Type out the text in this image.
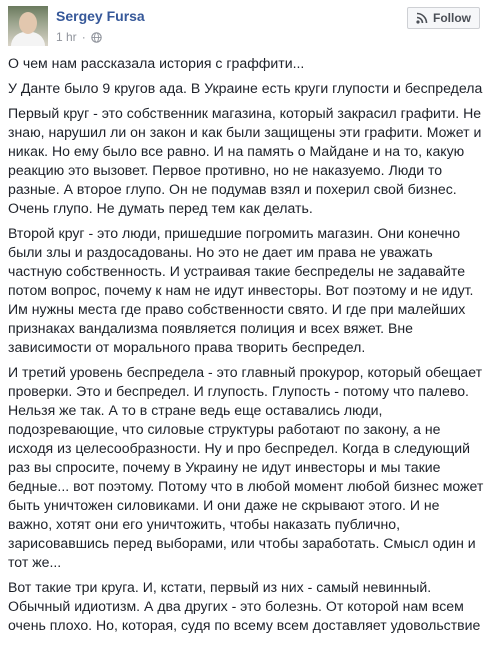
Sergey Fursa
1 hr ·
Follow

О чем нам рассказала история с граффити...

У Данте было 9 кругов ада. В Украине есть круги глупости и беспредела

Первый круг - это собственник магазина, который закрасил графити. Не знаю, нарушил ли он закон и как были защищены эти графити. Может и никак. Но ему было все равно. И на память о Майдане и на то, какую реакцию это вызовет. Первое противно, но не наказуемо. Люди то разные. А второе глупо. Он не подумав взял и похерил свой бизнес. Очень глупо. Не думать перед тем как делать.

Второй круг - это люди, пришедшие погромить магазин. Они конечно были злы и раздосадованы. Но это не дает им права не уважать частную собственность. И устраивая такие беспределы не задавайте потом вопрос, почему к нам не идут инвесторы. Вот поэтому и не идут. Им нужны места где право собственности свято. И где при малейших признаках вандализма появляется полиция и всех вяжет. Вне зависимости от морального права творить беспредел.

И третий уровень беспредела - это главный прокурор, который обещает проверки. Это и беспредел. И глупость. Глупость - потому что палево. Нельзя же так. А то в стране ведь еще оставались люди, подозревающие, что силовые структуры работают по закону, а не исходя из целесообразности. Ну и про беспредел. Когда в следующий раз вы спросите, почему в Украину не идут инвесторы и мы такие бедные... вот поэтому. Потому что в любой момент любой бизнес может быть уничтожен силовиками. И они даже не скрывают этого. И не важно, хотят они его уничтожить, чтобы наказать публично, зарисовавшись перед выборами, или чтобы заработать. Смысл один и тот же...

Вот такие три круга. И, кстати, первый из них - самый невинный. Обычный идиотизм. А два других - это болезнь. От которой нам всем очень плохо. Но, которая, судя по всему всем доставляет удовольствие
